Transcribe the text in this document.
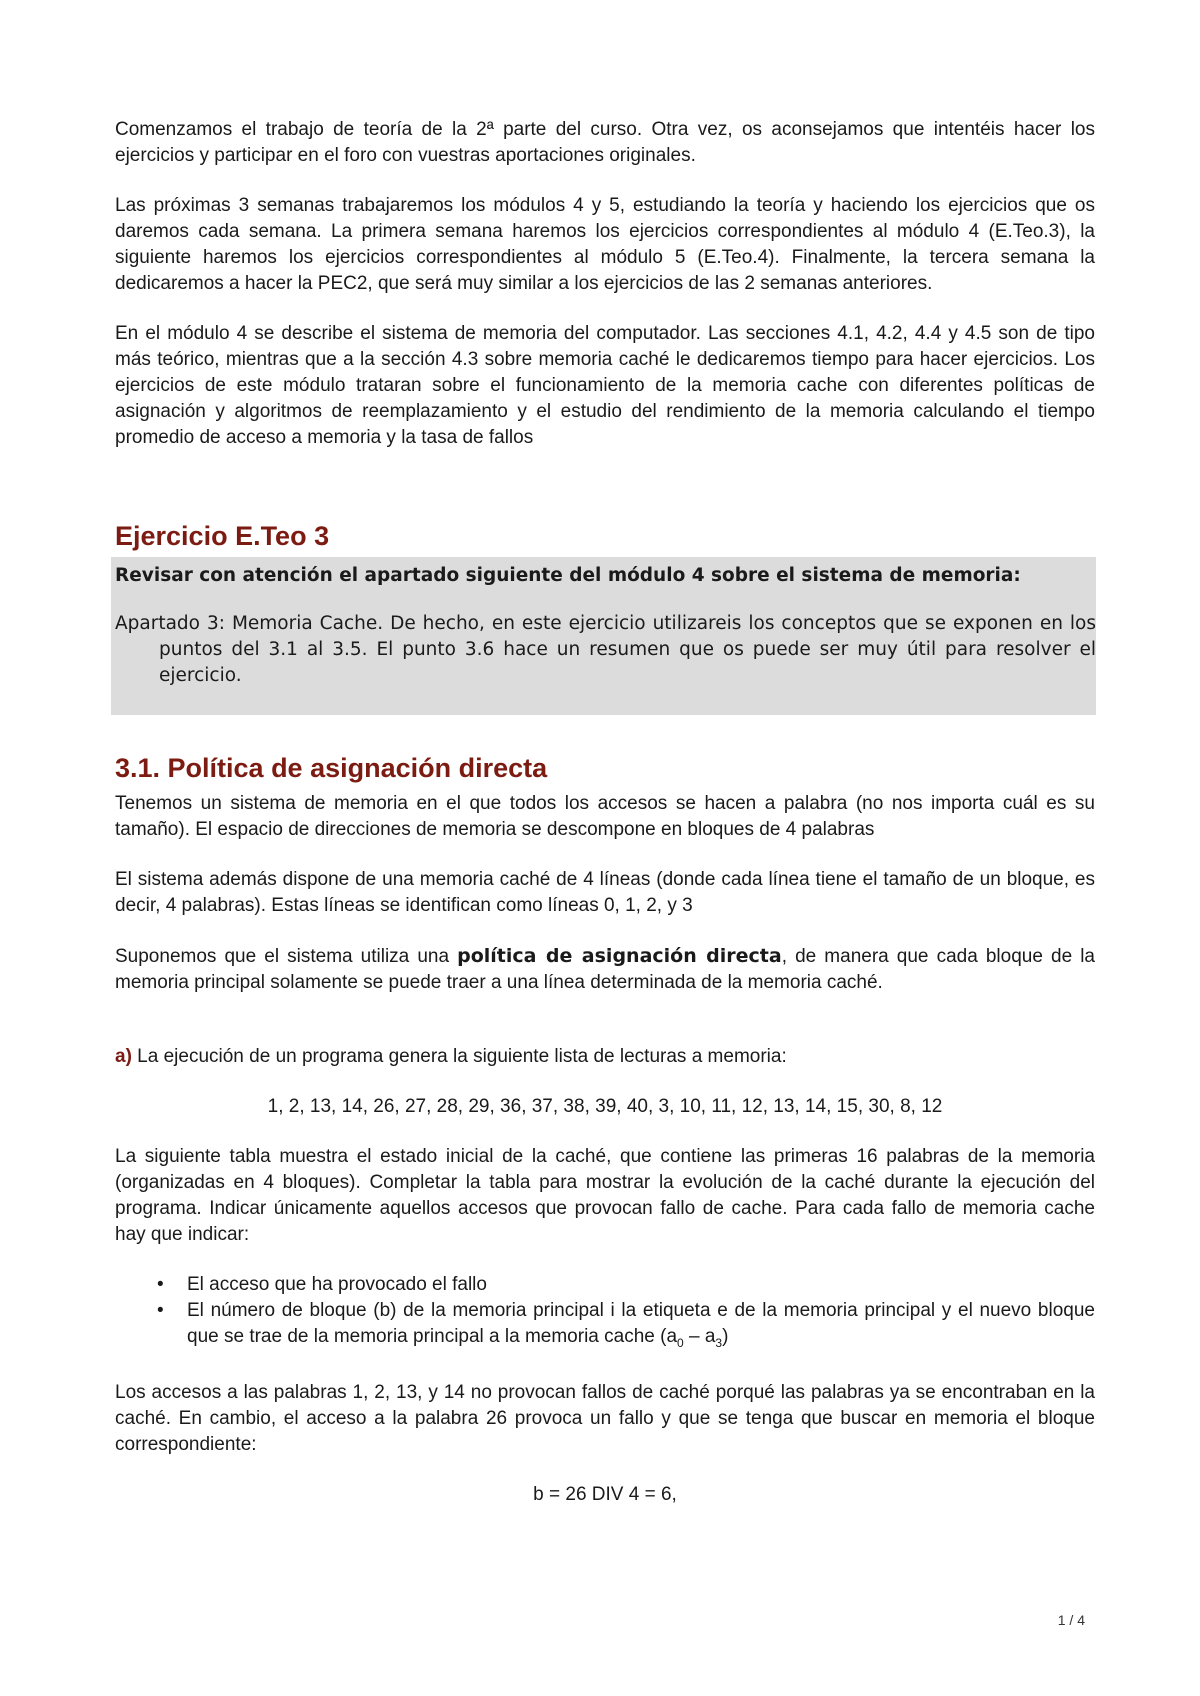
Comenzamos el trabajo de teoría de la 2ª parte del curso. Otra vez, os aconsejamos que intentéis hacer los ejercicios y participar en el foro con vuestras aportaciones originales.

Las próximas 3 semanas trabajaremos los módulos 4 y 5, estudiando la teoría y haciendo los ejercicios que os daremos cada semana. La primera semana haremos los ejercicios correspondientes al módulo 4 (E.Teo.3), la siguiente haremos los ejercicios correspondientes al módulo 5 (E.Teo.4). Finalmente, la tercera semana la dedicaremos a hacer la PEC2, que será muy similar a los ejercicios de las 2 semanas anteriores.

En el módulo 4 se describe el sistema de memoria del computador. Las secciones 4.1, 4.2, 4.4 y 4.5 son de tipo más teórico, mientras que a la sección 4.3 sobre memoria caché le dedicaremos tiempo para hacer ejercicios. Los ejercicios de este módulo trataran sobre el funcionamiento de la memoria cache con diferentes políticas de asignación y algoritmos de reemplazamiento y el estudio del rendimiento de la memoria calculando el tiempo promedio de acceso a memoria y la tasa de fallos

Ejercicio E.Teo 3

Revisar con atención el apartado siguiente del módulo 4 sobre el sistema de memoria:

Apartado 3: Memoria Cache. De hecho, en este ejercicio utilizareis los conceptos que se exponen en los puntos del 3.1 al 3.5. El punto 3.6 hace un resumen que os puede ser muy útil para resolver el ejercicio.

3.1. Política de asignación directa

Tenemos un sistema de memoria en el que todos los accesos se hacen a palabra (no nos importa cuál es su tamaño). El espacio de direcciones de memoria se descompone en bloques de 4 palabras

El sistema además dispone de una memoria caché de 4 líneas (donde cada línea tiene el tamaño de un bloque, es decir, 4 palabras). Estas líneas se identifican como líneas 0, 1, 2, y 3

Suponemos que el sistema utiliza una política de asignación directa, de manera que cada bloque de la memoria principal solamente se puede traer a una línea determinada de la memoria caché.

a) La ejecución de un programa genera la siguiente lista de lecturas a memoria:

1, 2, 13, 14, 26, 27, 28, 29, 36, 37, 38, 39, 40, 3, 10, 11, 12, 13, 14, 15, 30, 8, 12

La siguiente tabla muestra el estado inicial de la caché, que contiene las primeras 16 palabras de la memoria (organizadas en 4 bloques). Completar la tabla para mostrar la evolución de la caché durante la ejecución del programa. Indicar únicamente aquellos accesos que provocan fallo de cache. Para cada fallo de memoria cache hay que indicar:

• El acceso que ha provocado el fallo
• El número de bloque (b) de la memoria principal i la etiqueta e de la memoria principal y el nuevo bloque que se trae de la memoria principal a la memoria cache $(a_0 - a_3)$

Los accesos a las palabras 1, 2, 13, y 14 no provocan fallos de caché porqué las palabras ya se encontraban en la caché. En cambio, el acceso a la palabra 26 provoca un fallo y que se tenga que buscar en memoria el bloque correspondiente:

b = 26 DIV 4 = 6,

1 / 4
